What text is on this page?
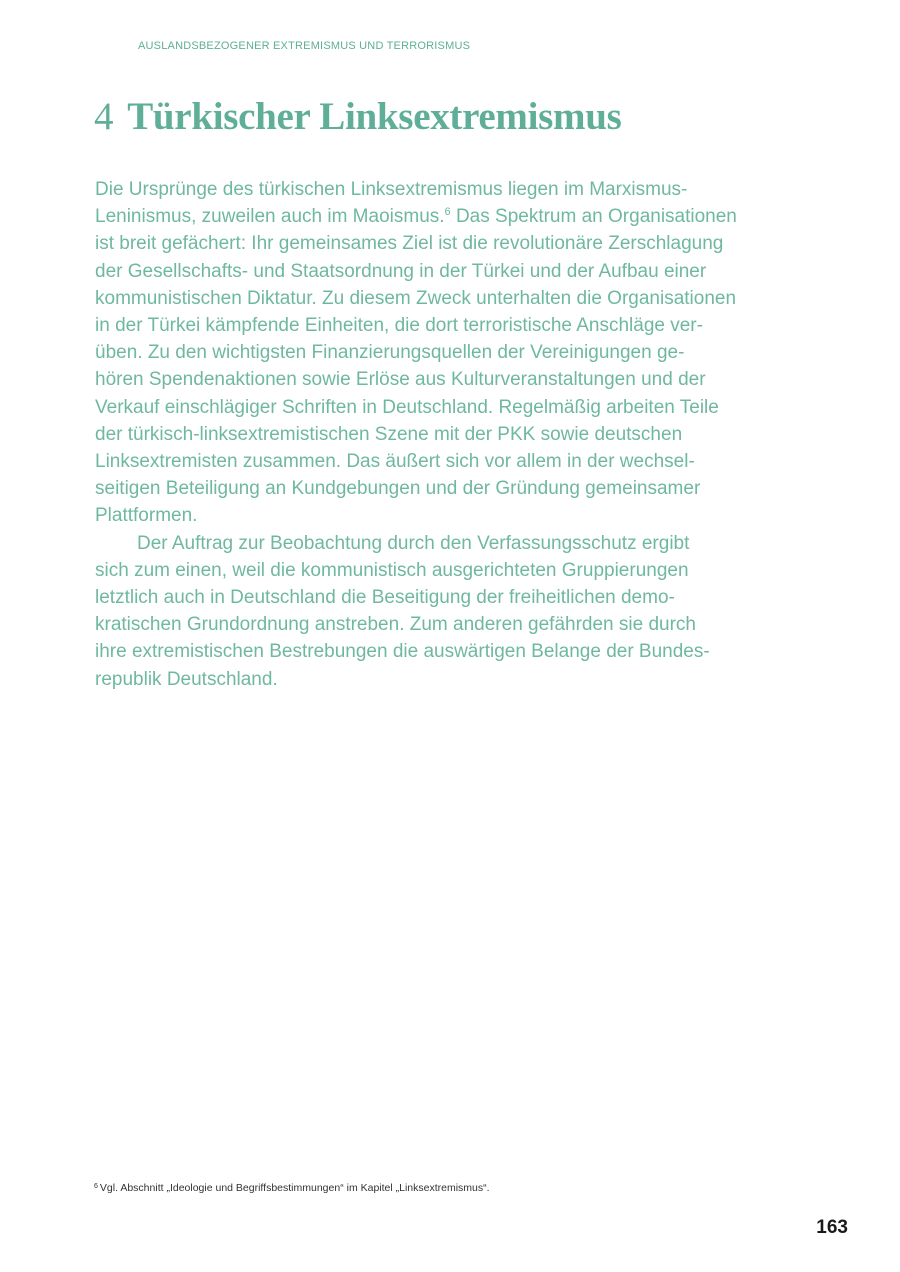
AUSLANDSBEZOGENER EXTREMISMUS UND TERRORISMUS
4 Türkischer Linksextremismus
Die Ursprünge des türkischen Linksextremismus liegen im Marxismus-
Leninismus, zuweilen auch im Maoismus.$^6$ Das Spektrum an Organisationen
ist breit gefächert: Ihr gemeinsames Ziel ist die revolutionäre Zerschlagung
der Gesellschafts- und Staatsordnung in der Türkei und der Aufbau einer
kommunistischen Diktatur. Zu diesem Zweck unterhalten die Organisationen
in der Türkei kämpfende Einheiten, die dort terroristische Anschläge ver-
üben. Zu den wichtigsten Finanzierungsquellen der Vereinigungen ge-
hören Spendenaktionen sowie Erlöse aus Kulturveranstaltungen und der
Verkauf einschlägiger Schriften in Deutschland. Regelmäßig arbeiten Teile
der türkisch-linksextremistischen Szene mit der PKK sowie deutschen
Linksextremisten zusammen. Das äußert sich vor allem in der wechsel-
seitigen Beteiligung an Kundgebungen und der Gründung gemeinsamer
Plattformen.
Der Auftrag zur Beobachtung durch den Verfassungsschutz ergibt
sich zum einen, weil die kommunistisch ausgerichteten Gruppierungen
letztlich auch in Deutschland die Beseitigung der freiheitlichen demo-
kratischen Grundordnung anstreben. Zum anderen gefährden sie durch
ihre extremistischen Bestrebungen die auswärtigen Belange der Bundes-
republik Deutschland.
$^6$ Vgl. Abschnitt „Ideologie und Begriffsbestimmungen“ im Kapitel „Linksextremismus“.
163
